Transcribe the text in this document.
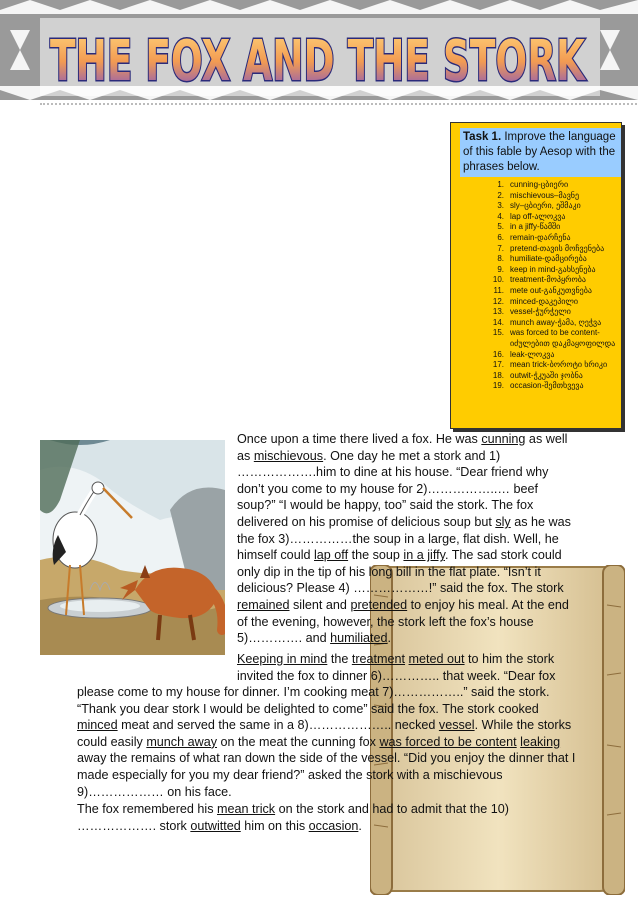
THE FOX AND THE STORK
Task 1. Improve the language of this fable by Aesop with the phrases below.
1. cunning-ცბიერი
2. mischievous–მავნე
3. sly–ცბიერი, ეშმაკი
4. lap off-ალოკვა
5. in a jiffy-წამში
6. remain-დარჩენა
7. pretend-თავის მოჩვენება
8. humiliate-დამცირება
9. keep in mind-გახსენება
10. treatment-მოპყრობა
11. mete out-განკუთვნება
12. minced-დაკეპილი
13. vessel-ჭურჭელი
14. munch away-ჭამა, ღეჭვა
15. was forced to be content-იძულებით დაკმაყოფილდა
16. leak-ლოკვა
17. mean trick-ბოროტი ხრიკი
18. outwit-ჭკუაში ჯობნა
19. occasion-შემთხვევა

Once upon a time there lived a fox. He was cunning as well as mischievous. One day he met a stork and 1) ……………….him to dine at his house. “Dear friend why don’t you come to my house for 2)……………..… beef soup?” “I would be happy, too” said the stork. The fox delivered on his promise of delicious soup but sly as he was the fox 3)……………the soup in a large, flat dish. Well, he himself could lap off the soup in a jiffy. The sad stork could only dip in the tip of his long bill in the flat plate. “Isn’t it delicious? Please 4) ………………!” said the fox. The stork remained silent and pretended to enjoy his meal. At the end of the evening, however, the stork left the fox’s house 5)…………. and humiliated.

Keeping in mind the treatment meted out to him the stork invited the fox to dinner 6)………….. that week. “Dear fox

please come to my house for dinner. I’m cooking meat 7)……………..” said the stork. “Thank you dear stork I would be delighted to come” said the fox. The stork cooked minced meat and served the same in a 8)……………….. necked vessel. While the storks could easily munch away on the meat the cunning fox was forced to be content leaking away the remains of what ran down the side of the vessel. “Did you enjoy the dinner that I made especially for you my dear friend?” asked the stork with a mischievous 9)……………… on his face.

The fox remembered his mean trick on the stork and had to admit that the 10) ………………. stork outwitted him on this occasion.
